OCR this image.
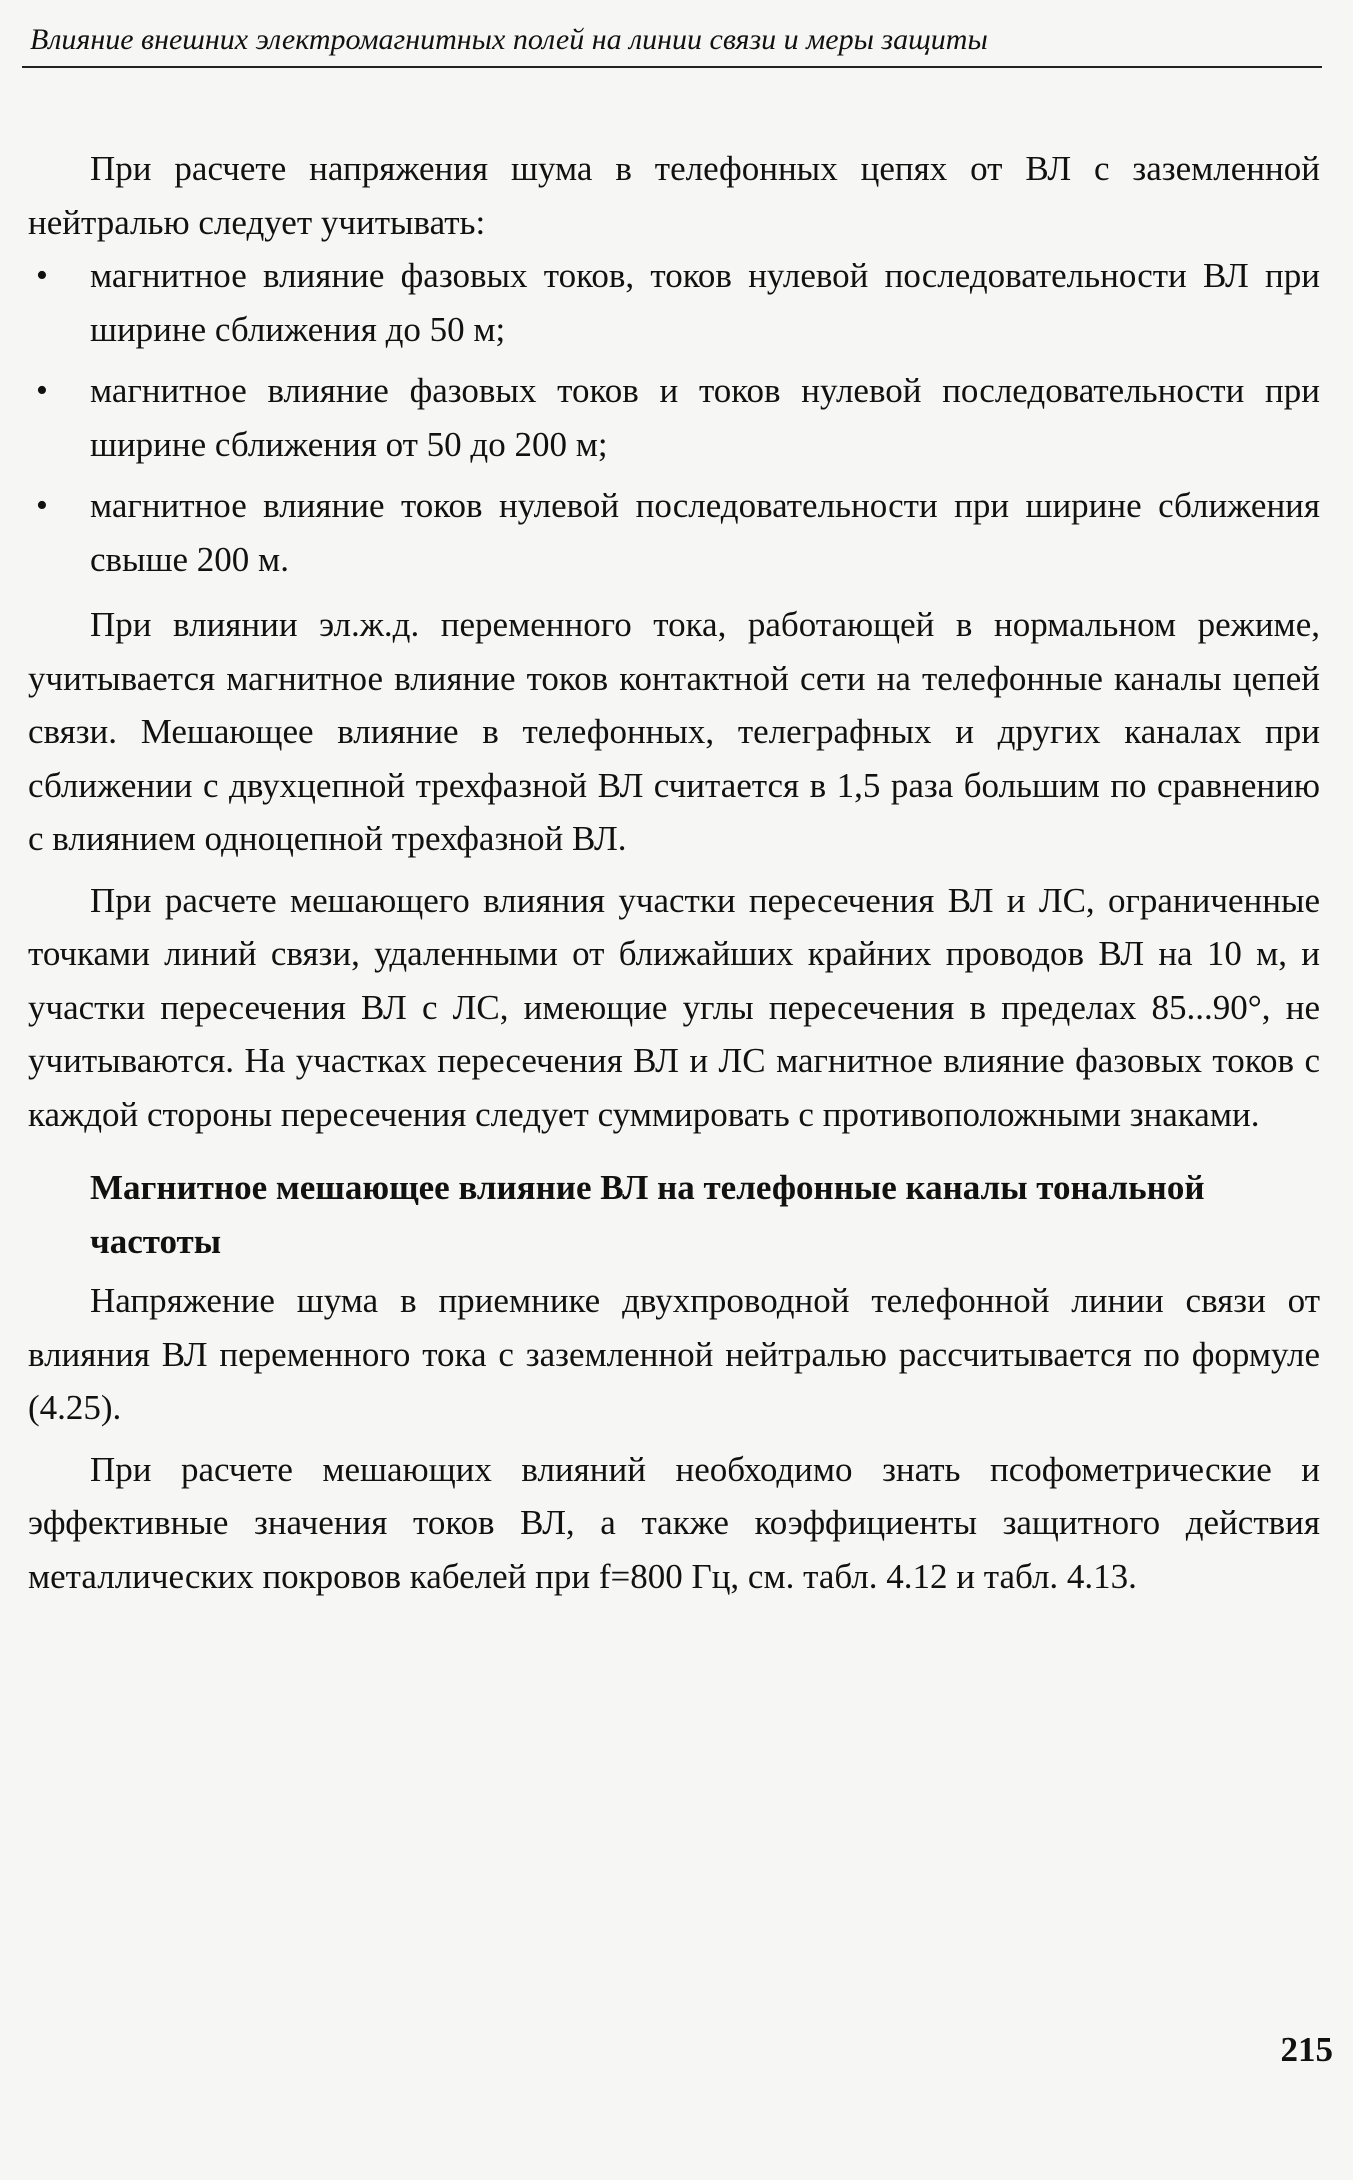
Влияние внешних электромагнитных полей на линии связи и меры защиты

При расчете напряжения шума в телефонных цепях от ВЛ с заземленной нейтралью следует учитывать:

• магнитное влияние фазовых токов, токов нулевой последовательности ВЛ при ширине сближения до 50 м;
• магнитное влияние фазовых токов и токов нулевой последовательности при ширине сближения от 50 до 200 м;
• магнитное влияние токов нулевой последовательности при ширине сближения свыше 200 м.

При влиянии эл.ж.д. переменного тока, работающей в нормальном режиме, учитывается магнитное влияние токов контактной сети на телефонные каналы цепей связи. Мешающее влияние в телефонных, телеграфных и других каналах при сближении с двухцепной трехфазной ВЛ считается в 1,5 раза большим по сравнению с влиянием одноцепной трехфазной ВЛ.

При расчете мешающего влияния участки пересечения ВЛ и ЛС, ограниченные точками линий связи, удаленными от ближайших крайних проводов ВЛ на 10 м, и участки пересечения ВЛ с ЛС, имеющие углы пересечения в пределах 85...90°, не учитываются. На участках пересечения ВЛ и ЛС магнитное влияние фазовых токов с каждой стороны пересечения следует суммировать с противоположными знаками.

Магнитное мешающее влияние ВЛ на телефонные каналы тональной частоты

Напряжение шума в приемнике двухпроводной телефонной линии связи от влияния ВЛ переменного тока с заземленной нейтралью рассчитывается по формуле (4.25).

При расчете мешающих влияний необходимо знать псофометрические и эффективные значения токов ВЛ, а также коэффициенты защитного действия металлических покровов кабелей при f=800 Гц, см. табл. 4.12 и табл. 4.13.

215
